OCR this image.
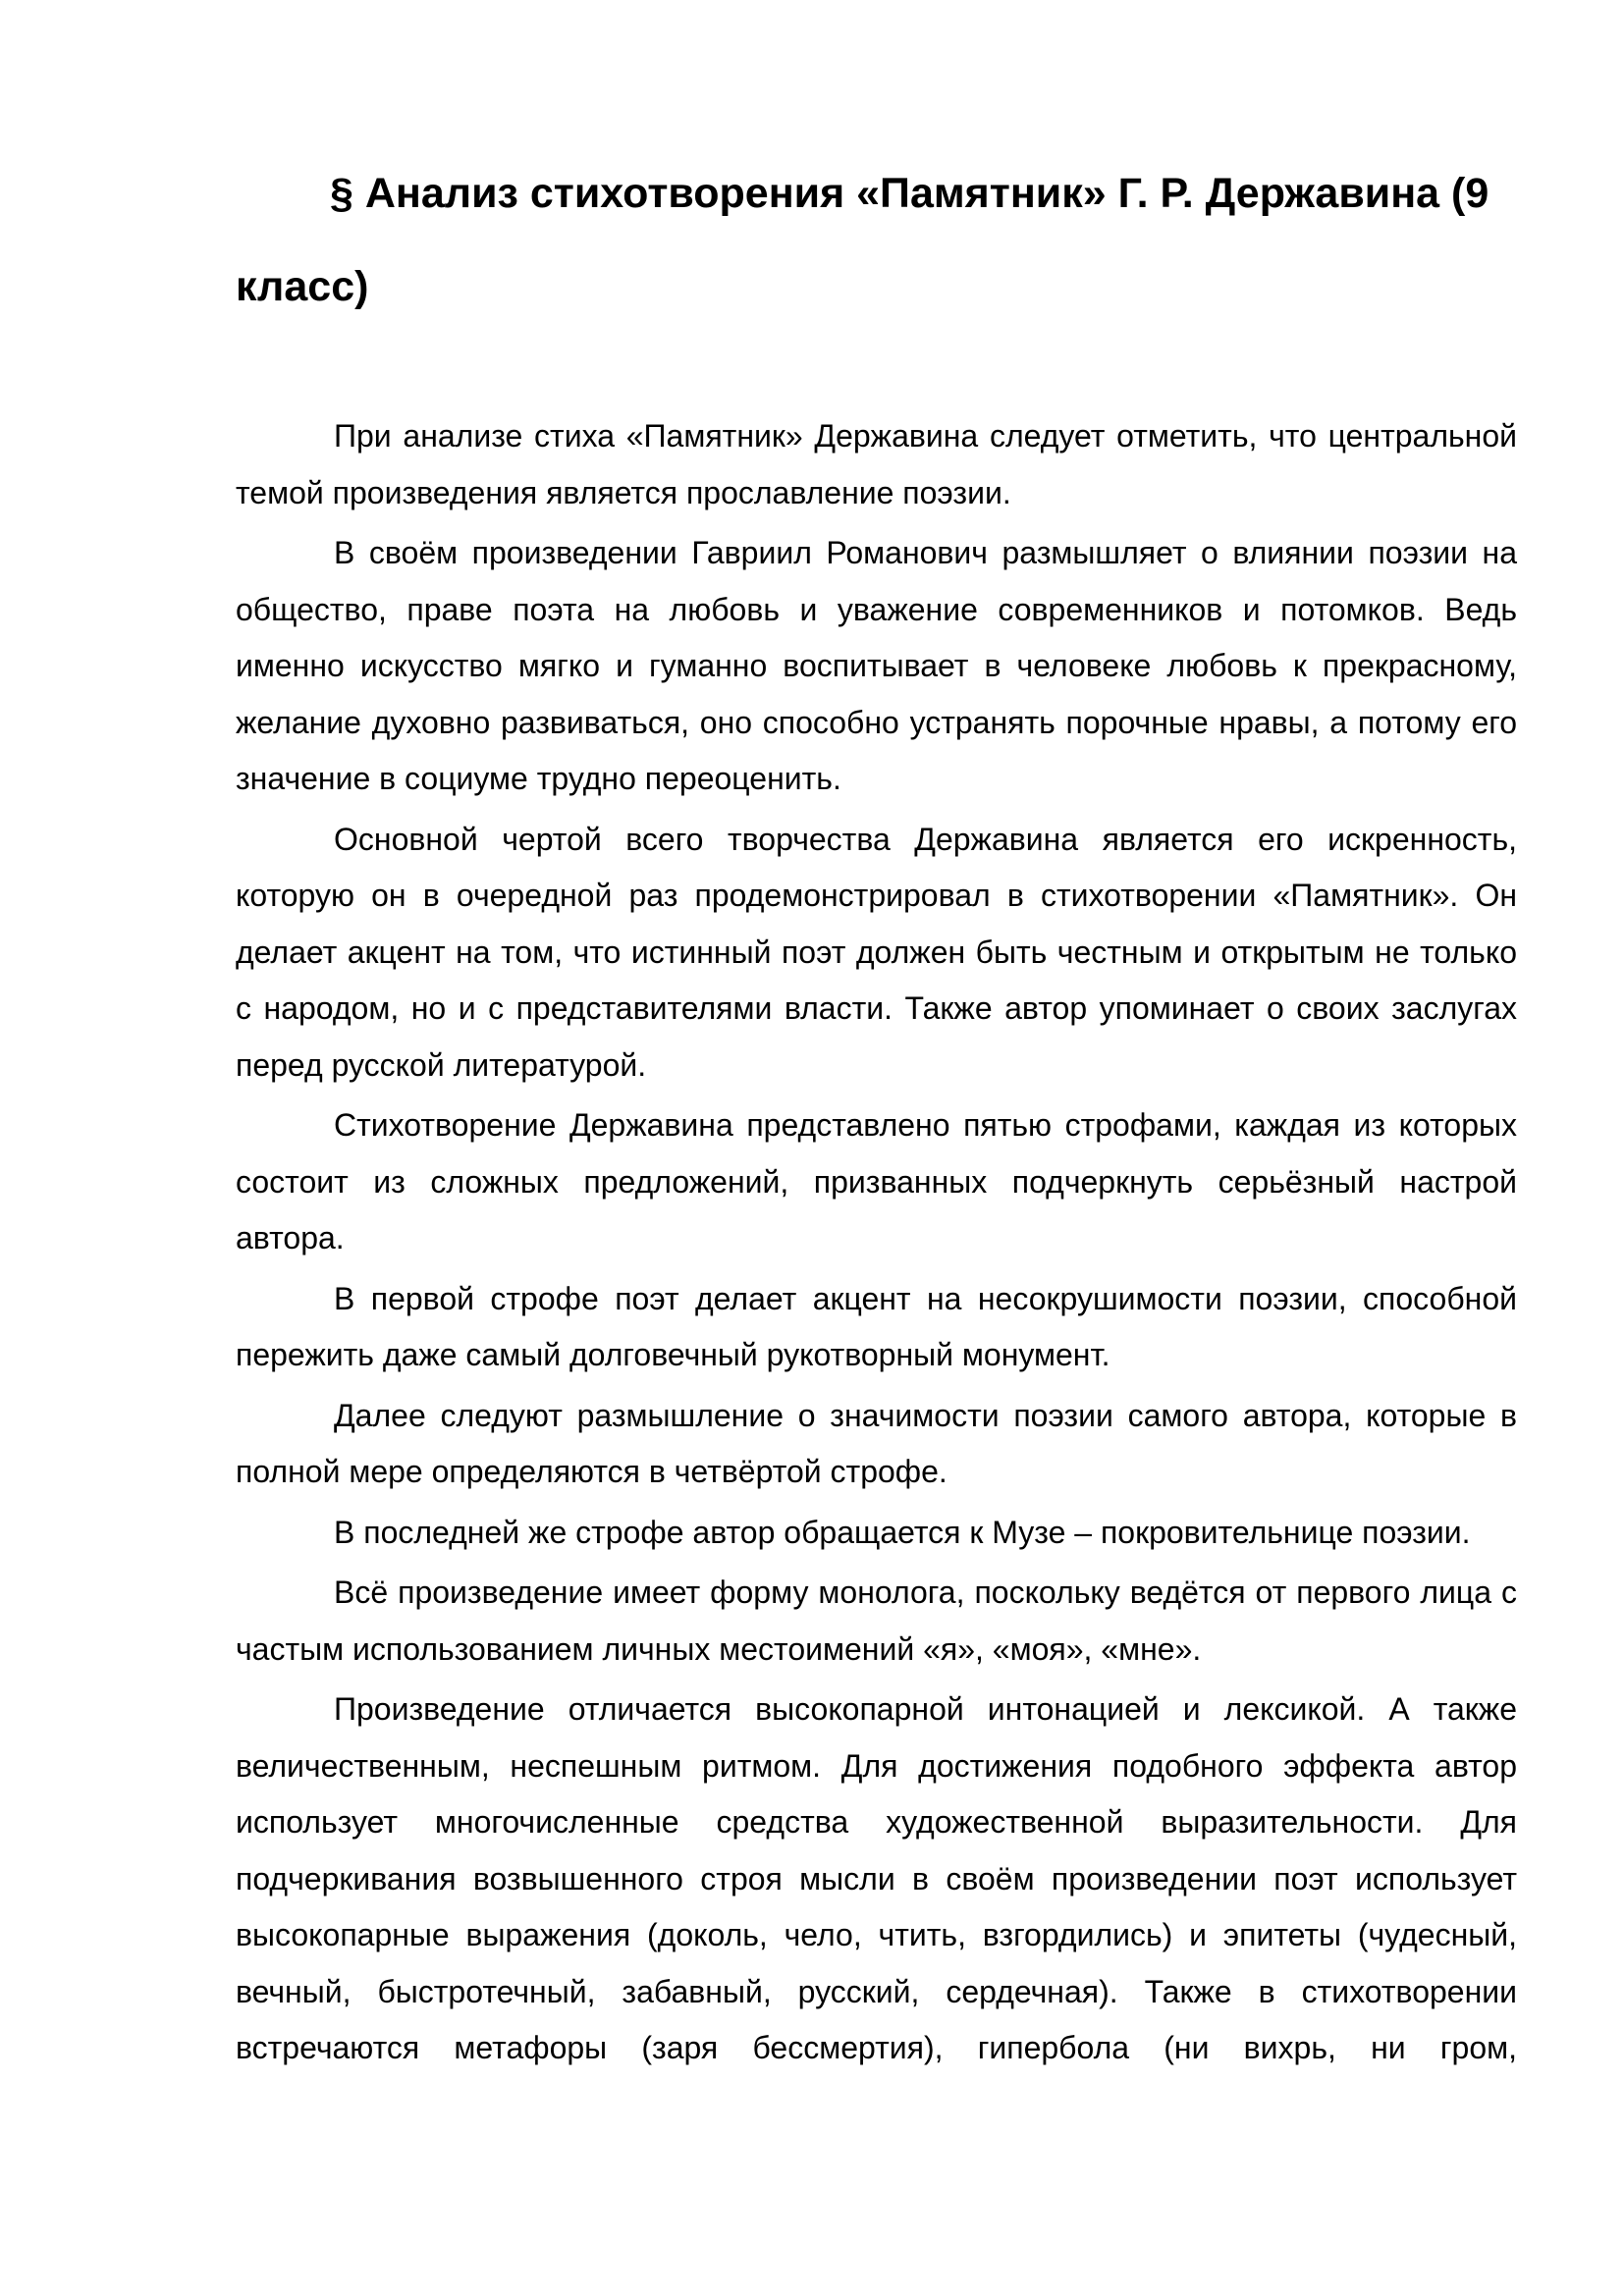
§ Анализ стихотворения «Памятник» Г. Р. Державина (9 класс)

При анализе стиха «Памятник» Державина следует отметить, что центральной темой произведения является прославление поэзии.

В своём произведении Гавриил Романович размышляет о влиянии поэзии на общество, праве поэта на любовь и уважение современников и потомков. Ведь именно искусство мягко и гуманно воспитывает в человеке любовь к прекрасному, желание духовно развиваться, оно способно устранять порочные нравы, а потому его значение в социуме трудно переоценить.

Основной чертой всего творчества Державина является его искренность, которую он в очередной раз продемонстрировал в стихотворении «Памятник». Он делает акцент на том, что истинный поэт должен быть честным и открытым не только с народом, но и с представителями власти. Также автор упоминает о своих заслугах перед русской литературой.

Стихотворение Державина представлено пятью строфами, каждая из которых состоит из сложных предложений, призванных подчеркнуть серьёзный настрой автора.

В первой строфе поэт делает акцент на несокрушимости поэзии, способной пережить даже самый долговечный рукотворный монумент.

Далее следуют размышление о значимости поэзии самого автора, которые в полной мере определяются в четвёртой строфе.

В последней же строфе автор обращается к Музе – покровительнице поэзии.

Всё произведение имеет форму монолога, поскольку ведётся от первого лица с частым использованием личных местоимений «я», «моя», «мне».

Произведение отличается высокопарной интонацией и лексикой. А также величественным, неспешным ритмом. Для достижения подобного эффекта автор использует многочисленные средства художественной выразительности. Для подчеркивания возвышенного строя мысли в своём произведении поэт использует высокопарные выражения (доколь, чело, чтить, взгордились) и эпитеты (чудесный, вечный, быстротечный, забавный, русский, сердечная). Также в стихотворении встречаются метафоры (заря бессмертия), гипербола (ни вихрь, ни гром,
